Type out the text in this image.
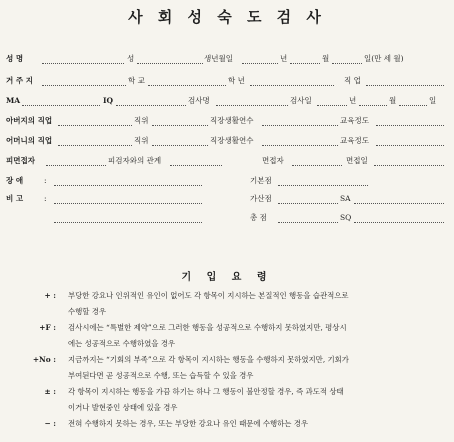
사 회 성 숙 도 검 사
성 명	성	생년월일	년	월	일(만 세 월)
거 주 지	학 교	학 년	직 업
MA	IQ	검사명	검사일	년	월	일
아버지의 직업	직위	직장생활연수	교육정도
어머니의 직업	직위	직장생활연수	교육정도
피면접자	피검자와의 관계	면접자	면접일
장 애	:	기본점
비 고	:	가산점	SA
총 점	SQ
기 입 요 령
+ : 부당한 강요나 인위적인 유인이 없어도 각 항목이 지시하는 본질적인 행동을 습관적으로
수행할 경우
+F : 검사시에는 “특별한 제약”으로 그러한 행동을 성공적으로 수행하지 못하였지만, 평상시
에는 성공적으로 수행하였을 경우
+No : 지금까지는 “기회의 부족”으로 각 항목이 지시하는 행동을 수행하지 못하였지만, 기회가
부여된다면 곧 성공적으로 수행, 또는 습득할 수 있을 경우
± : 각 항목이 지시하는 행동을 가끔 하기는 하나 그 행동이 불안정할 경우, 즉 과도적 상태
이거나 발현중인 상태에 있을 경우
− : 전혀 수행하지 못하는 경우, 또는 부당한 강요나 유인 때문에 수행하는 경우
